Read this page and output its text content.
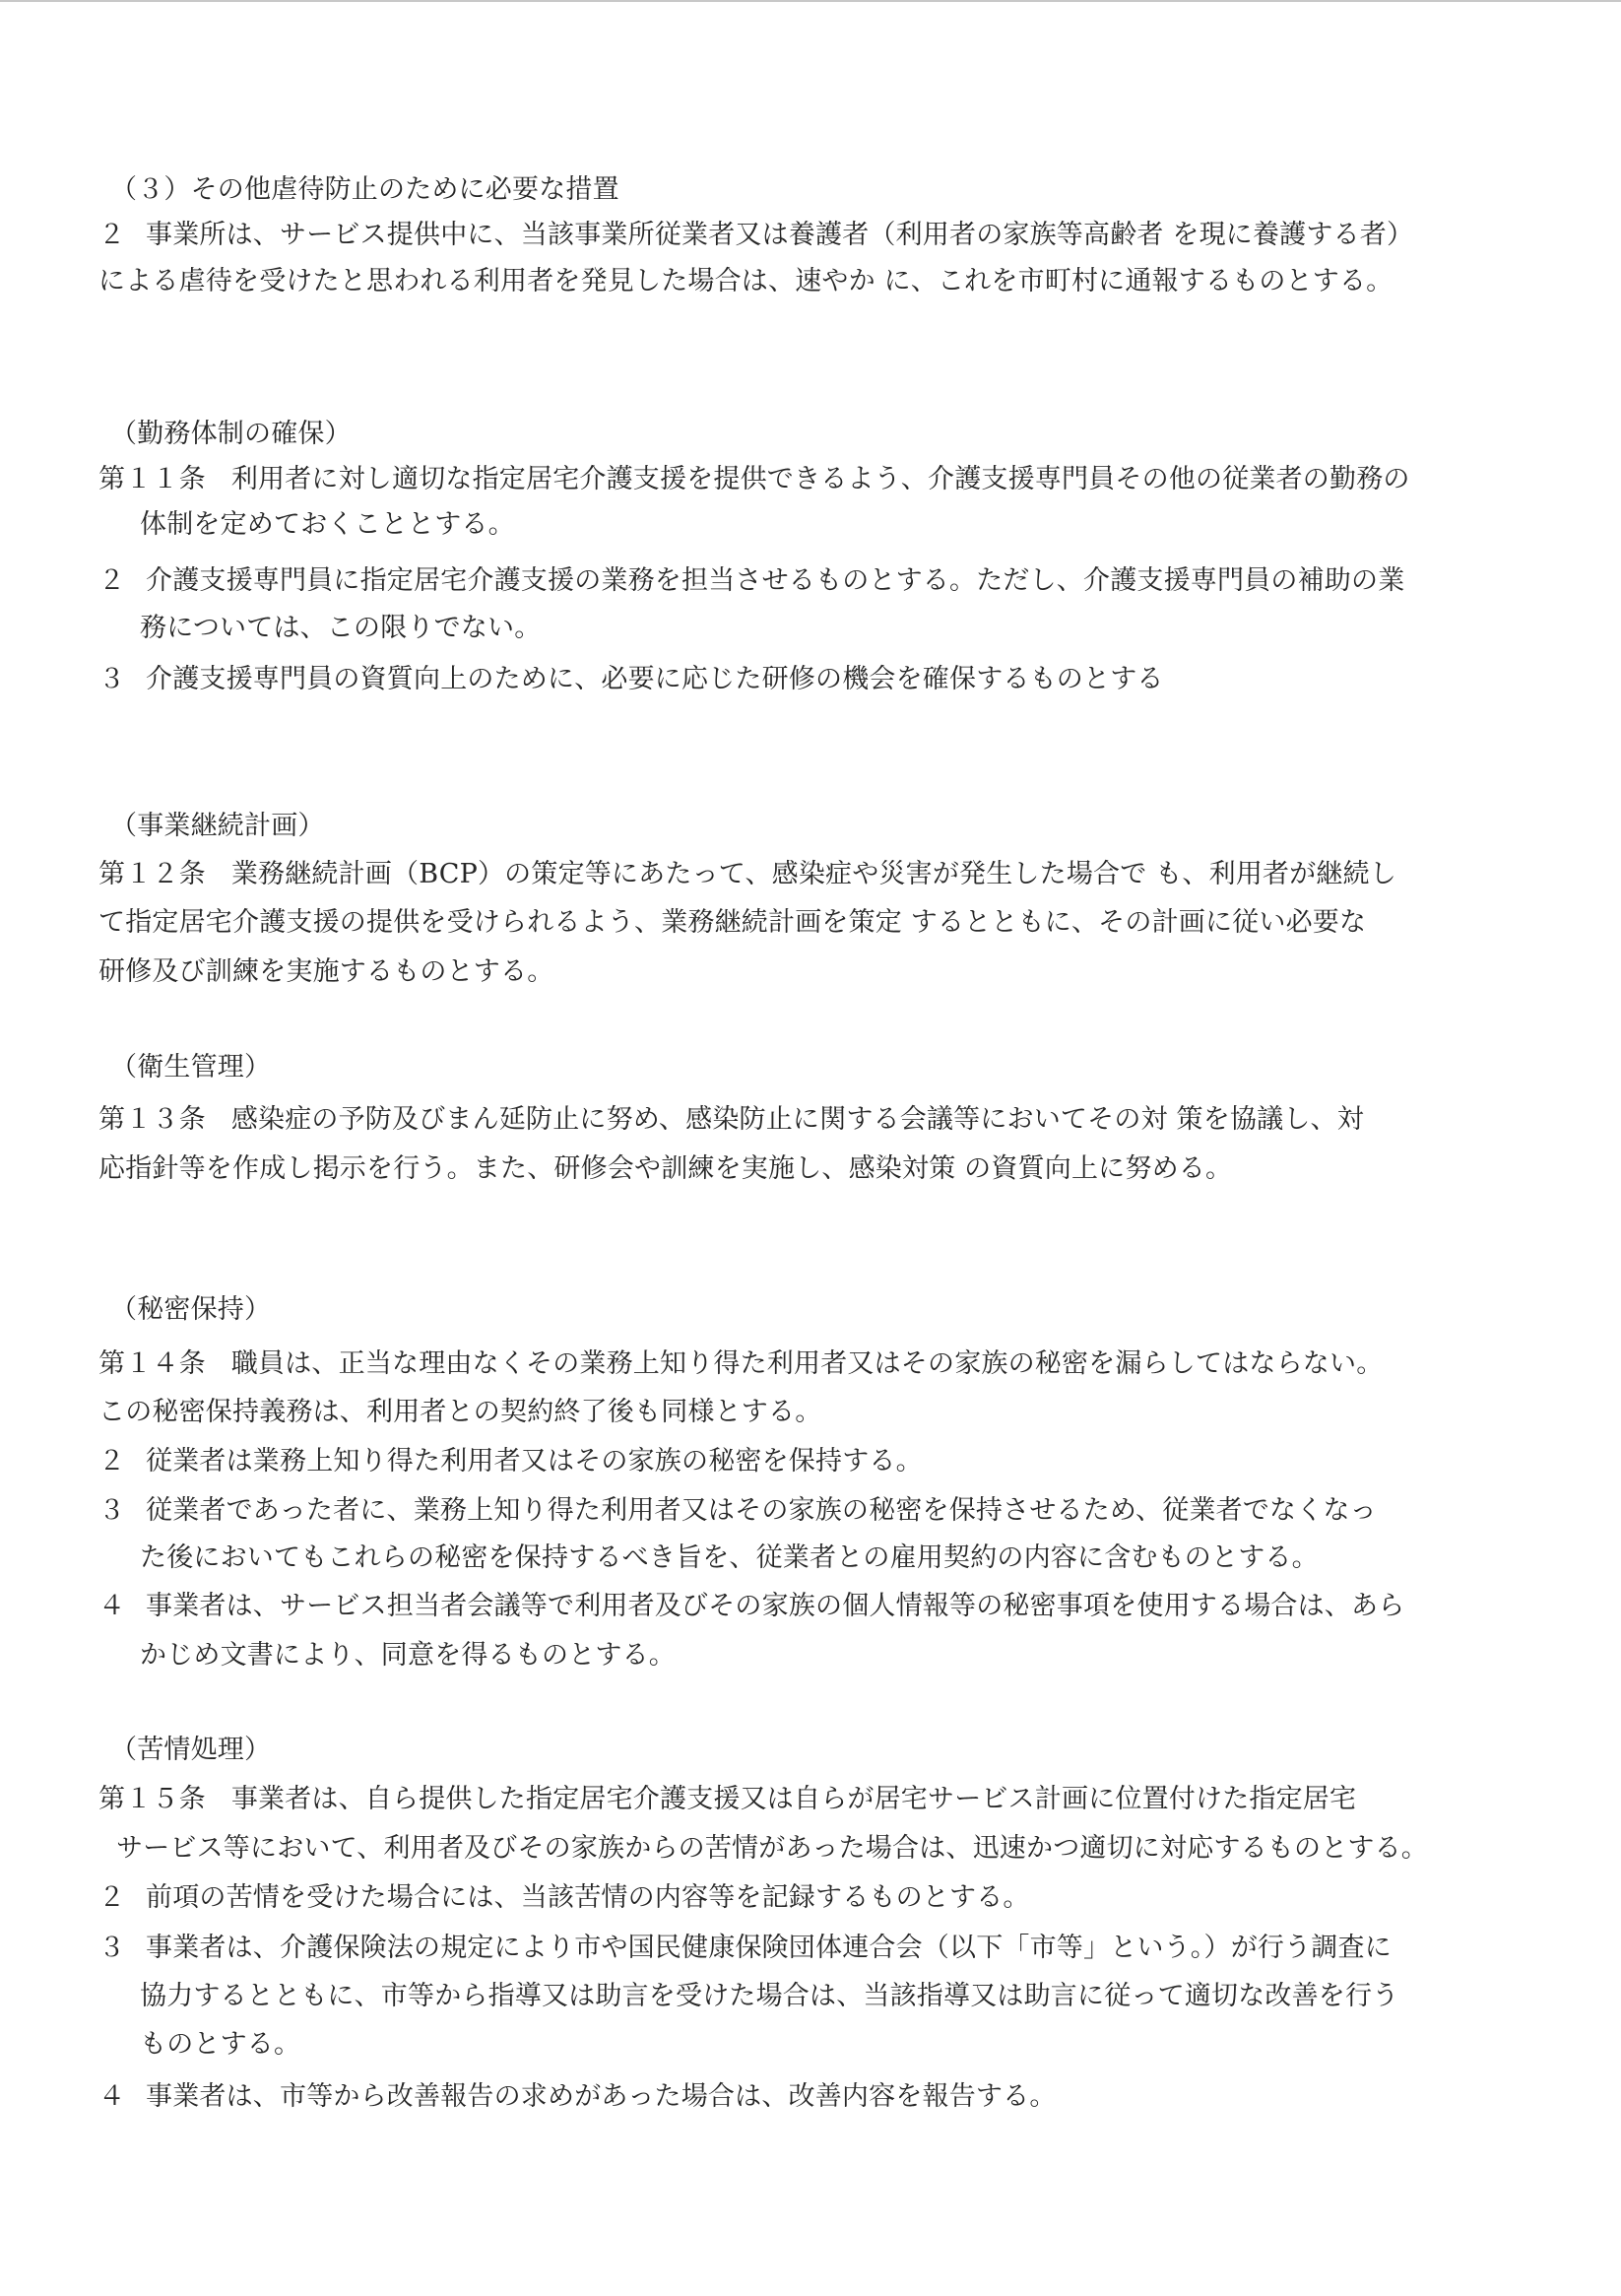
（３）その他虐待防止のために必要な措置

２ 事業所は、サービス提供中に、当該事業所従業者又は養護者（利用者の家族等高齢者 を現に養護する者）

による虐待を受けたと思われる利用者を発見した場合は、速やか に、これを市町村に通報するものとする。

（勤務体制の確保）

第１１条 利用者に対し適切な指定居宅介護支援を提供できるよう、介護支援専門員その他の従業者の勤務の

体制を定めておくこととする。

２ 介護支援専門員に指定居宅介護支援の業務を担当させるものとする。ただし、介護支援専門員の補助の業

務については、この限りでない。

３ 介護支援専門員の資質向上のために、必要に応じた研修の機会を確保するものとする

（事業継続計画）

第１２条 業務継続計画（BCP）の策定等にあたって、感染症や災害が発生した場合で も、利用者が継続し

て指定居宅介護支援の提供を受けられるよう、業務継続計画を策定 するとともに、その計画に従い必要な

研修及び訓練を実施するものとする。

（衛生管理）

第１３条 感染症の予防及びまん延防止に努め、感染防止に関する会議等においてその対 策を協議し、対

応指針等を作成し掲示を行う。また、研修会や訓練を実施し、感染対策 の資質向上に努める。

（秘密保持）

第１４条 職員は、正当な理由なくその業務上知り得た利用者又はその家族の秘密を漏らしてはならない。

この秘密保持義務は、利用者との契約終了後も同様とする。

２ 従業者は業務上知り得た利用者又はその家族の秘密を保持する。

３ 従業者であった者に、業務上知り得た利用者又はその家族の秘密を保持させるため、従業者でなくなっ

た後においてもこれらの秘密を保持するべき旨を、従業者との雇用契約の内容に含むものとする。

４ 事業者は、サービス担当者会議等で利用者及びその家族の個人情報等の秘密事項を使用する場合は、あら

かじめ文書により、同意を得るものとする。

（苦情処理）

第１５条 事業者は、自ら提供した指定居宅介護支援又は自らが居宅サービス計画に位置付けた指定居宅

サービス等において、利用者及びその家族からの苦情があった場合は、迅速かつ適切に対応するものとする。

２ 前項の苦情を受けた場合には、当該苦情の内容等を記録するものとする。

３ 事業者は、介護保険法の規定により市や国民健康保険団体連合会（以下「市等」という。）が行う調査に

協力するとともに、市等から指導又は助言を受けた場合は、当該指導又は助言に従って適切な改善を行う

ものとする。

４ 事業者は、市等から改善報告の求めがあった場合は、改善内容を報告する。
